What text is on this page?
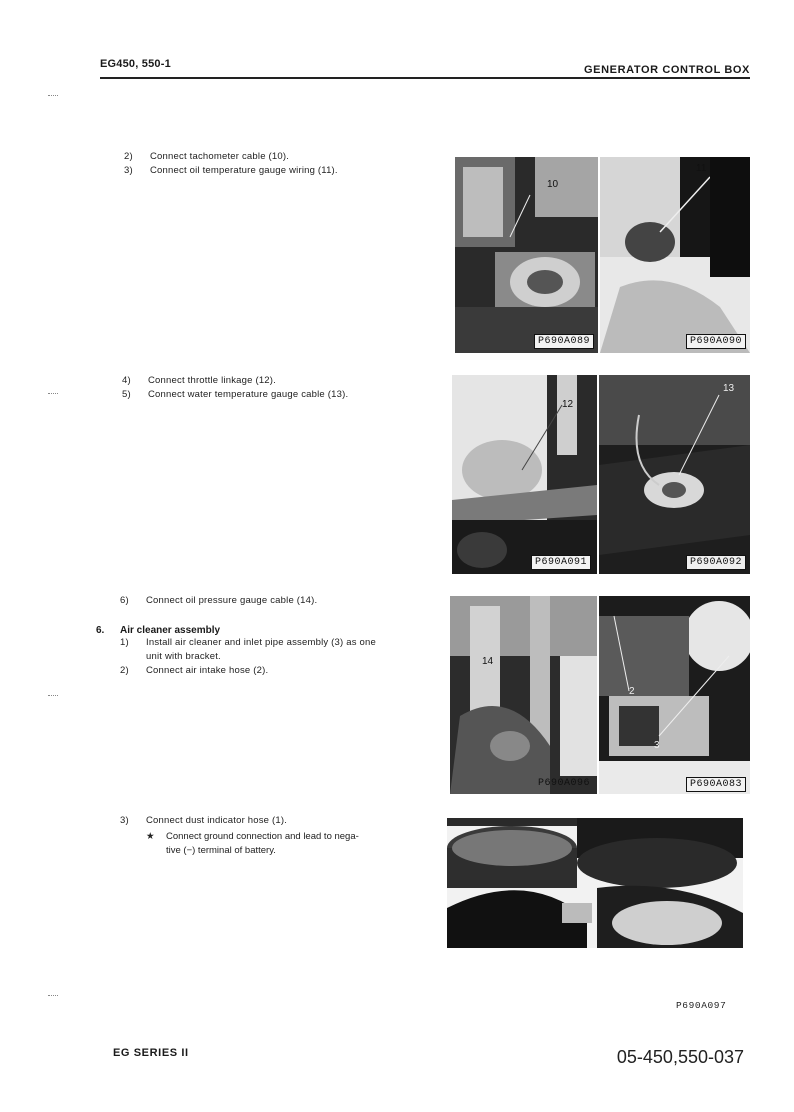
EG450, 550-1	GENERATOR CONTROL BOX
2) Connect tachometer cable (10).
3) Connect oil temperature gauge wiring (11).
10
P690A089
11
P690A090
4) Connect throttle linkage (12).
5) Connect water temperature gauge cable (13).
12
P690A091
13
P690A092
6) Connect oil pressure gauge cable (14).
6. Air cleaner assembly
1) Install air cleaner and inlet pipe assembly (3) as one
unit with bracket.
2) Connect air intake hose (2).
14
P690A096
2
3
P690A083
3) Connect dust indicator hose (1).
★ Connect ground connection and lead to nega-
tive (−) terminal of battery.
P690A097
EG SERIES II	05-450,550-037
